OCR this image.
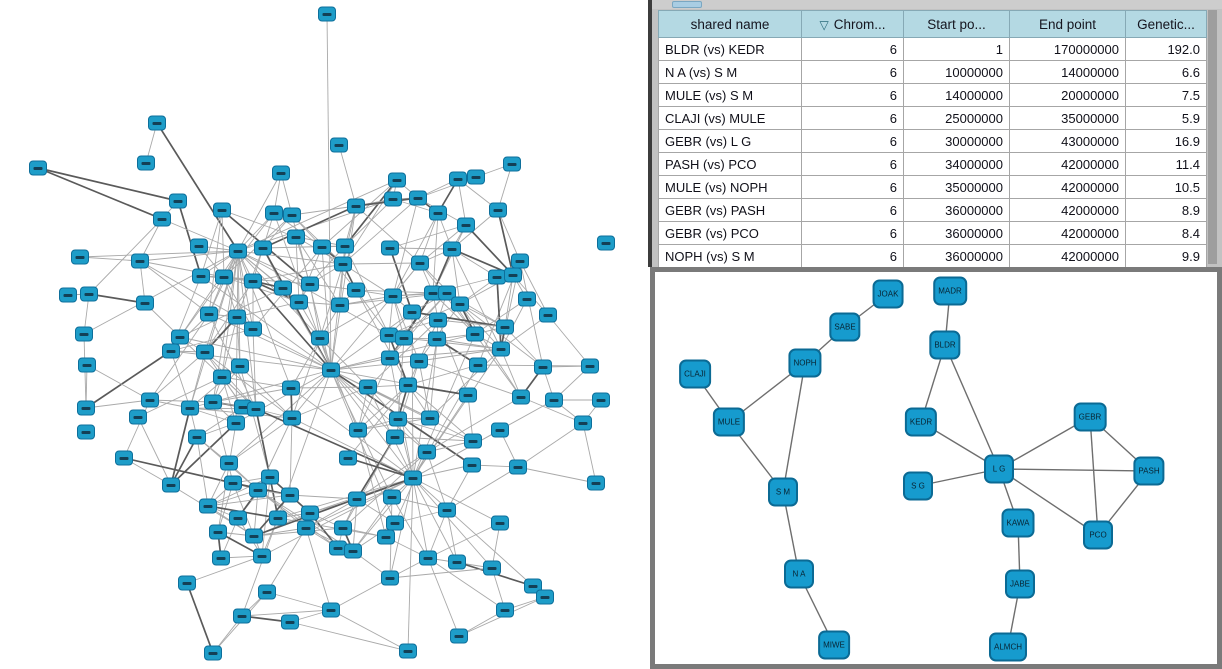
shared name	▽ Chrom...	Start po...	End point	Genetic...
BLDR (vs) KEDR	6	1	170000000	192.0
N A (vs) S M	6	10000000	14000000	6.6
MULE (vs) S M	6	14000000	20000000	7.5
CLAJI (vs) MULE	6	25000000	35000000	5.9
GEBR (vs) L G	6	30000000	43000000	16.9
PASH (vs) PCO	6	34000000	42000000	11.4
MULE (vs) NOPH	6	35000000	42000000	10.5
GEBR (vs) PASH	6	36000000	42000000	8.9
GEBR (vs) PCO	6	36000000	42000000	8.4
NOPH (vs) S M	6	36000000	42000000	9.9
JOAK	MADR
SABE
BLDR
NOPH
CLAJI
KEDR
GEBR
MULE
L G
S G
PASH
S M
KAWA
PCO
N A
JABE
MIWE	ALMCH
